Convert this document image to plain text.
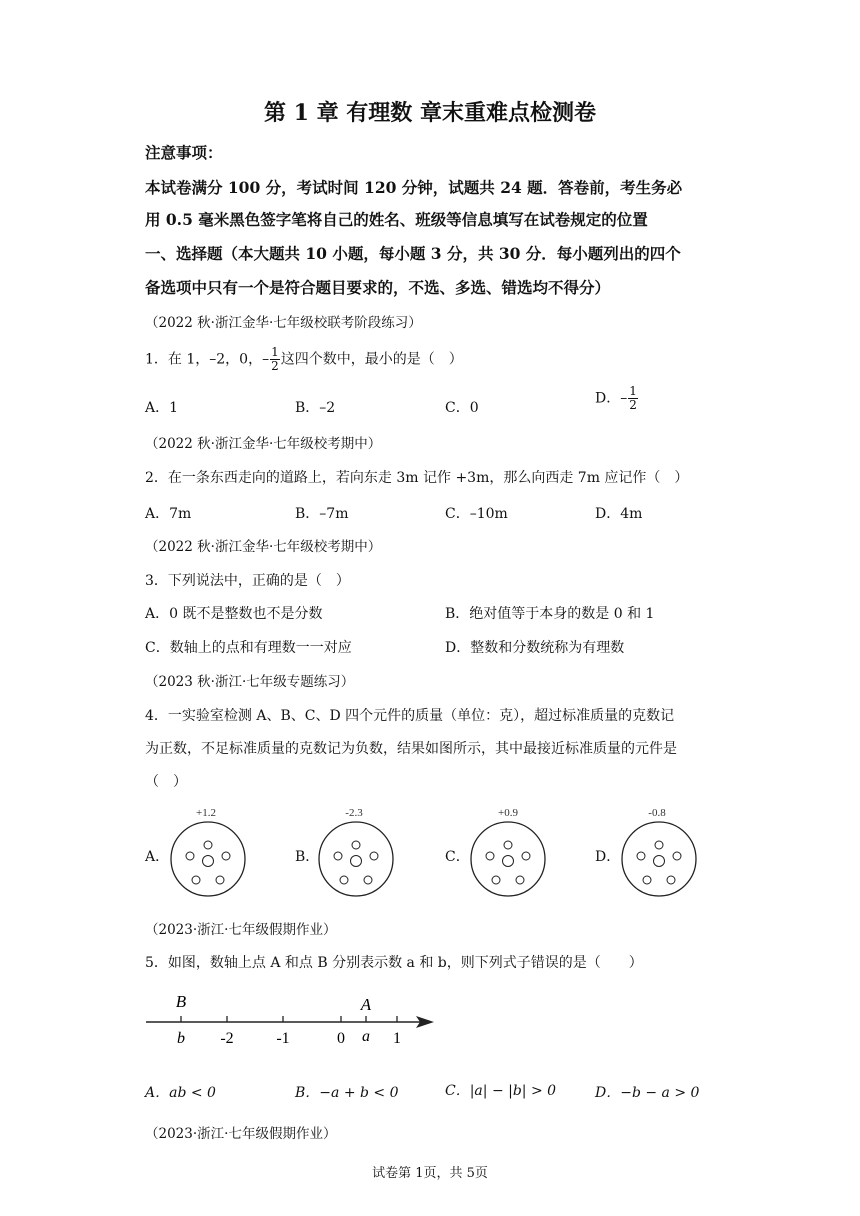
第 1 章 有理数 章末重难点检测卷
注意事项：
本试卷满分 100 分，考试时间 120 分钟，试题共 24 题．答卷前，考生务必
用 0.5 毫米黑色签字笔将自己的姓名、班级等信息填写在试卷规定的位置
一、选择题（本大题共 10 小题，每小题 3 分，共 30 分．每小题列出的四个
备选项中只有一个是符合题目要求的，不选、多选、错选均不得分）
（2022 秋·浙江金华·七年级校联考阶段练习）
1．在 1，–2，0，– $\frac{1}{2}$ 这四个数中，最小的是（　）
A．1	B．–2	C．0
D．– $\frac{1}{2}$
（2022 秋·浙江金华·七年级校考期中）
2．在一条东西走向的道路上，若向东走 3m 记作 +3m，那么向西走 7m 应记作（　）
A．7m	B．–7m	C．–10m	D．4m
（2022 秋·浙江金华·七年级校考期中）
3．下列说法中，正确的是（　）
A．0 既不是整数也不是分数	B．绝对值等于本身的数是 0 和 1
C．数轴上的点和有理数一一对应	D．整数和分数统称为有理数
（2023 秋·浙江·七年级专题练习）
4．一实验室检测 A、B、C、D 四个元件的质量（单位：克），超过标准质量的克数记
为正数，不足标准质量的克数记为负数，结果如图所示，其中最接近标准质量的元件是
（　）
A．	B．	C．	D．
+1.2	-2.3	+0.9	-0.8
（2023·浙江·七年级假期作业）
5．如图，数轴上点 A 和点 B 分别表示数 a 和 b，则下列式子错误的是（　　）
B	A
b -2	-1	0 a 1
A．ab < 0	B．−a + b < 0	C．|a| − |b| > 0	D．−b − a > 0
（2023·浙江·七年级假期作业）
试卷第 1页，共 5页
